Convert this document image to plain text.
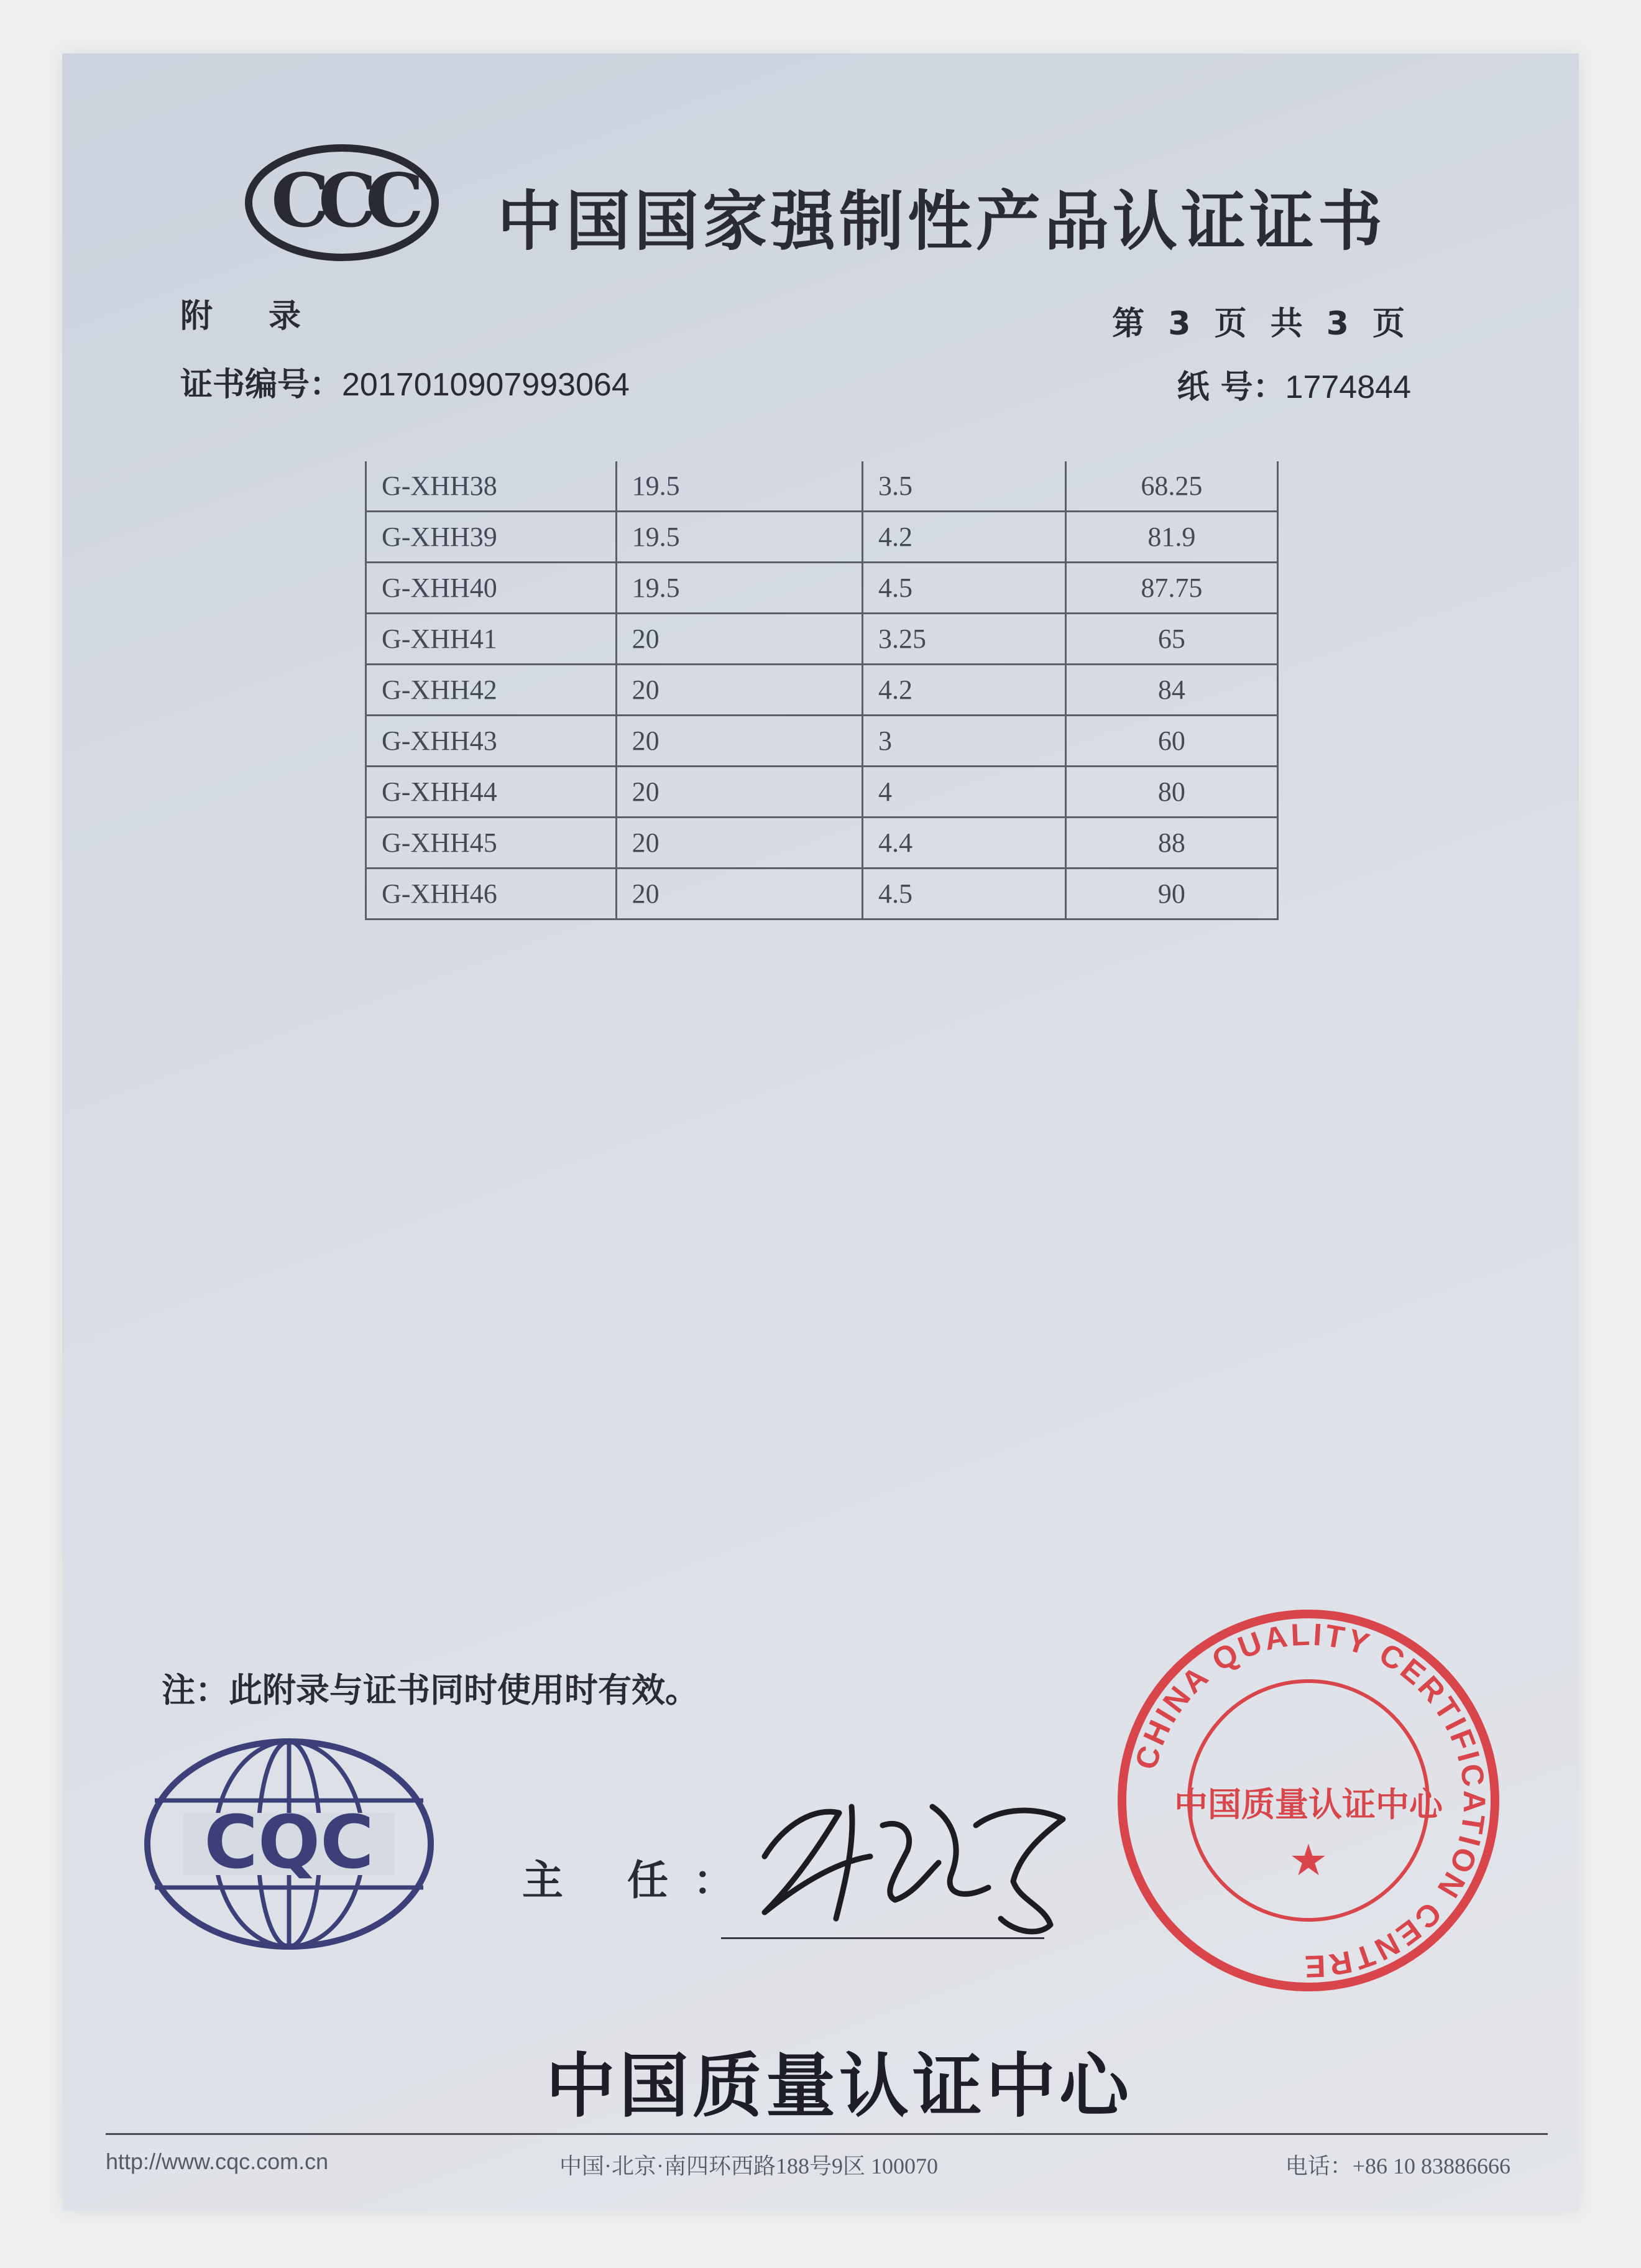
CCC 中国国家强制性产品认证证书
附录	第 3 页 共 3 页
证书编号：2017010907993064	纸 号：1774844
G-XHH38	19.5	3.5	68.25
G-XHH39	19.5	4.2	81.9
G-XHH40	19.5	4.5	87.75
G-XHH41	20	3.25	65
G-XHH42	20	4.2	84
G-XHH43	20	3	60
G-XHH44	20	4	80
G-XHH45	20	4.4	88
G-XHH46	20	4.5	90
注：此附录与证书同时使用时有效。
CQC	主 任：
CHINA QUALITY CERTIFICATION CENTRE
中国质量认证中心
★
中国质量认证中心
http://www.cqc.com.cn	中国·北京·南四环西路188号9区 100070	电话：+86 10 83886666
